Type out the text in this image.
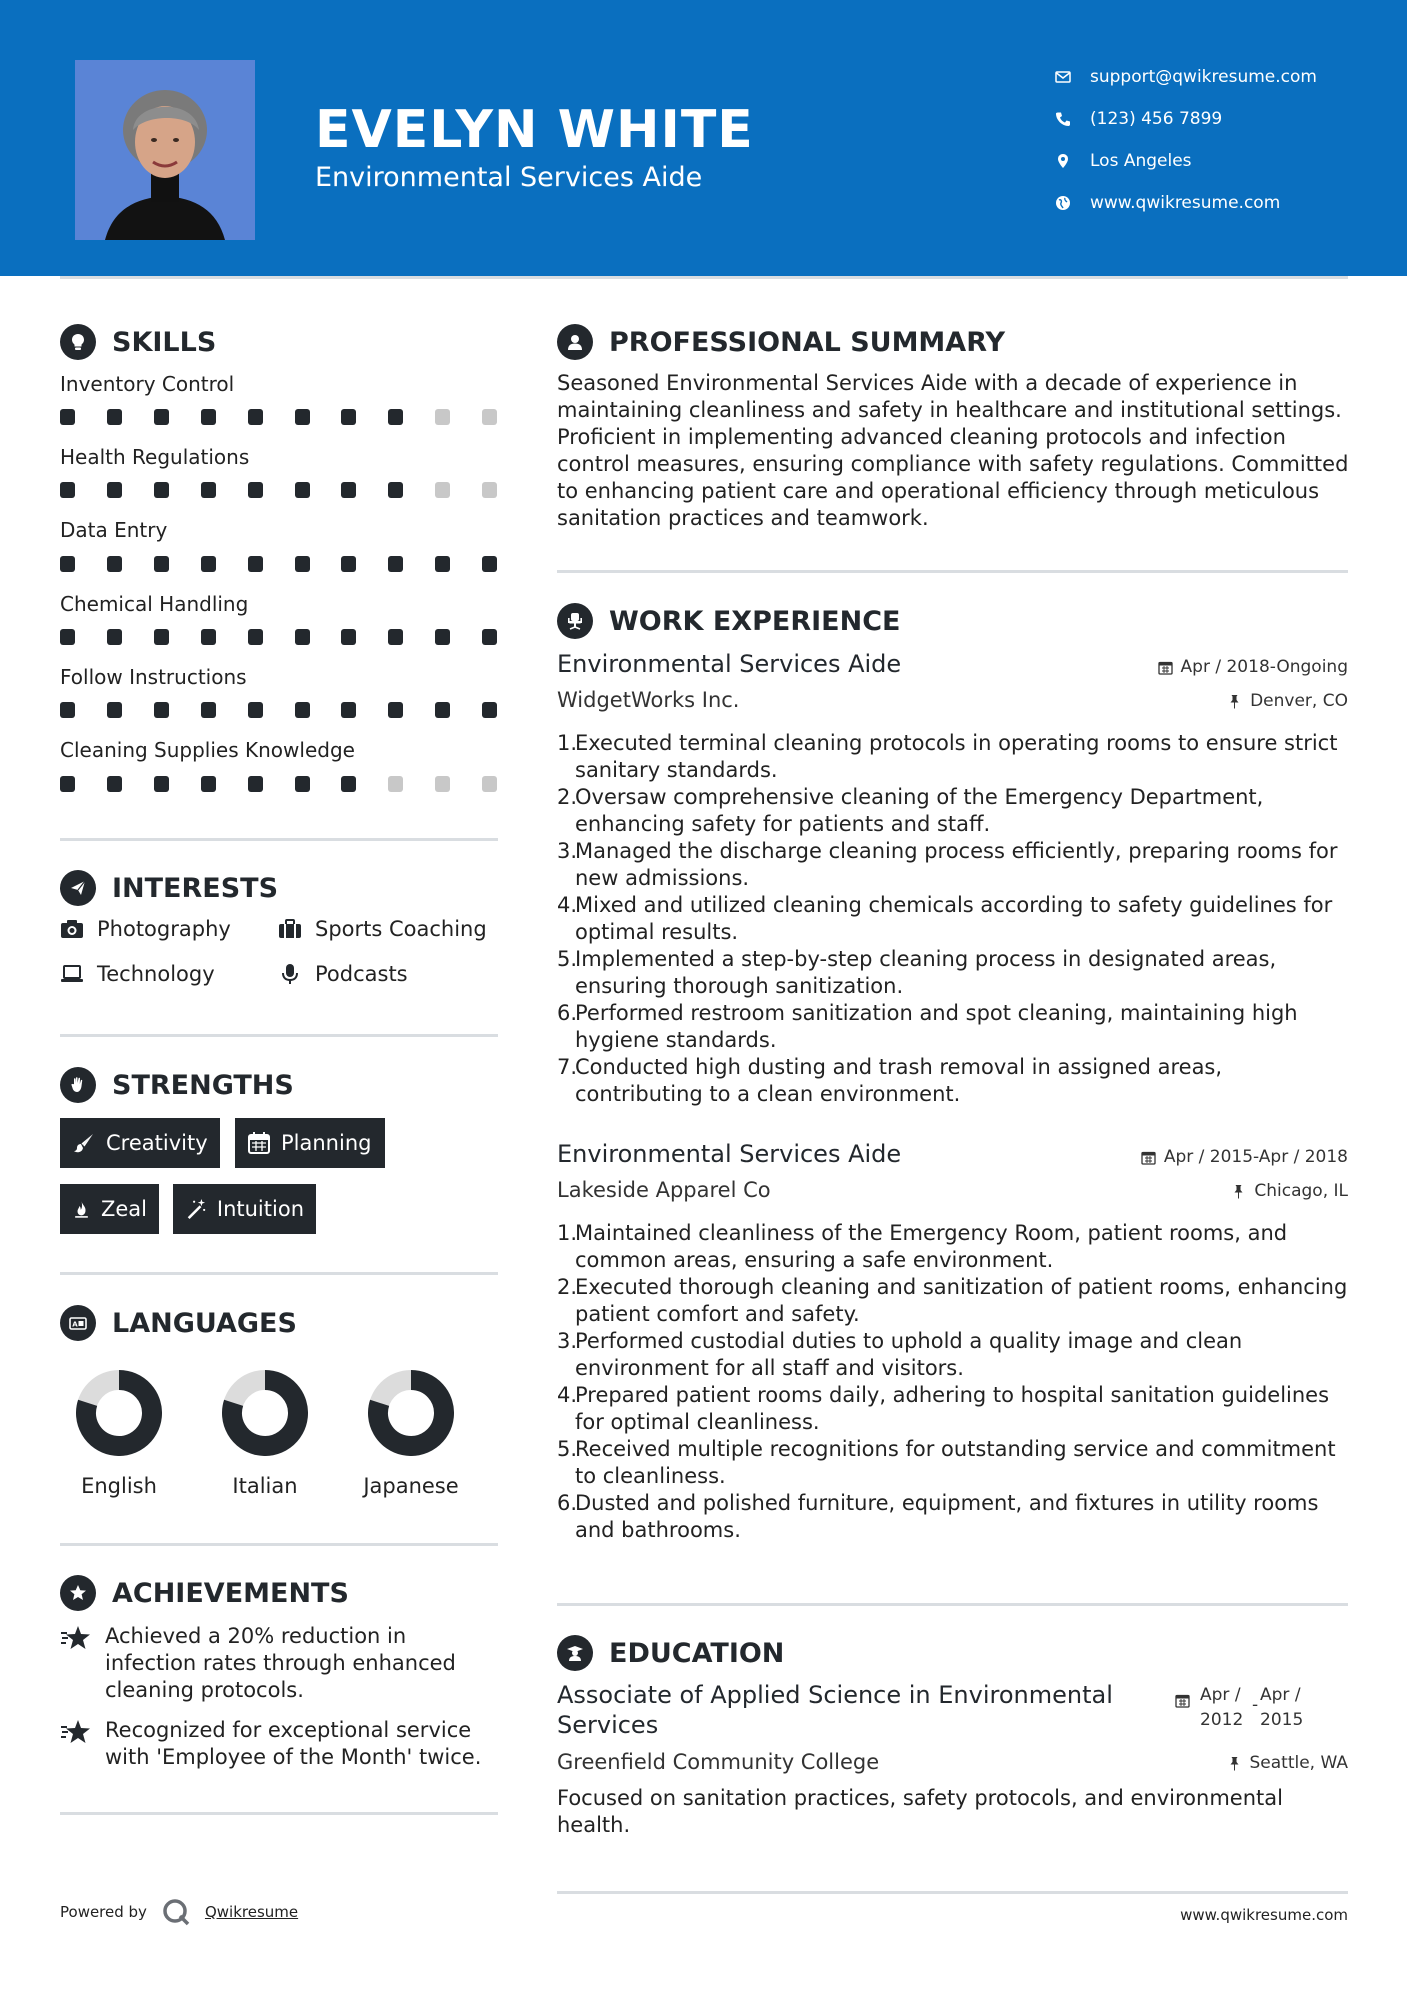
EVELYN WHITE
Environmental Services Aide
support@qwikresume.com
(123) 456 7899
Los Angeles
www.qwikresume.com
SKILLS
Inventory Control
Health Regulations
Data Entry
Chemical Handling
Follow Instructions
Cleaning Supplies Knowledge
INTERESTS
Photography	Sports Coaching
Technology	Podcasts
STRENGTHS
Creativity	Planning
Zeal	Intuition
A LANGUAGES
English	Italian	Japanese
ACHIEVEMENTS
Achieved a 20% reduction in infection rates through enhanced cleaning protocols.
Recognized for exceptional service with 'Employee of the Month' twice.
PROFESSIONAL SUMMARY
Seasoned Environmental Services Aide with a decade of experience in maintaining cleanliness and safety in healthcare and institutional settings. Proficient in implementing advanced cleaning protocols and infection control measures, ensuring compliance with safety regulations. Committed to enhancing patient care and operational efficiency through meticulous sanitation practices and teamwork.
WORK EXPERIENCE
Environmental Services Aide	Apr / 2018-Ongoing
WidgetWorks Inc.	Denver, CO
1.
Executed terminal cleaning protocols in operating rooms to ensure strict sanitary standards.
2.
Oversaw comprehensive cleaning of the Emergency Department, enhancing safety for patients and staff.
3.
Managed the discharge cleaning process efficiently, preparing rooms for new admissions.
4.
Mixed and utilized cleaning chemicals according to safety guidelines for optimal results.
5.
Implemented a step-by-step cleaning process in designated areas, ensuring thorough sanitization.
6.
Performed restroom sanitization and spot cleaning, maintaining high hygiene standards.
7.
Conducted high dusting and trash removal in assigned areas, contributing to a clean environment.
Environmental Services Aide	Apr / 2015-Apr / 2018
Lakeside Apparel Co	Chicago, IL
1.
Maintained cleanliness of the Emergency Room, patient rooms, and common areas, ensuring a safe environment.
2.
Executed thorough cleaning and sanitization of patient rooms, enhancing patient comfort and safety.
3.
Performed custodial duties to uphold a quality image and clean environment for all staff and visitors.
4.
Prepared patient rooms daily, adhering to hospital sanitation guidelines for optimal cleanliness.
5.
Received multiple recognitions for outstanding service and commitment to cleanliness.
6.
Dusted and polished furniture, equipment, and fixtures in utility rooms and bathrooms.
EDUCATION
Associate of Applied Science in Environmental Services
Apr /
2012
- Apr /
2015
Greenfield Community College	Seattle, WA
Focused on sanitation practices, safety protocols, and environmental health.
Powered by	Qwikresume	www.qwikresume.com
